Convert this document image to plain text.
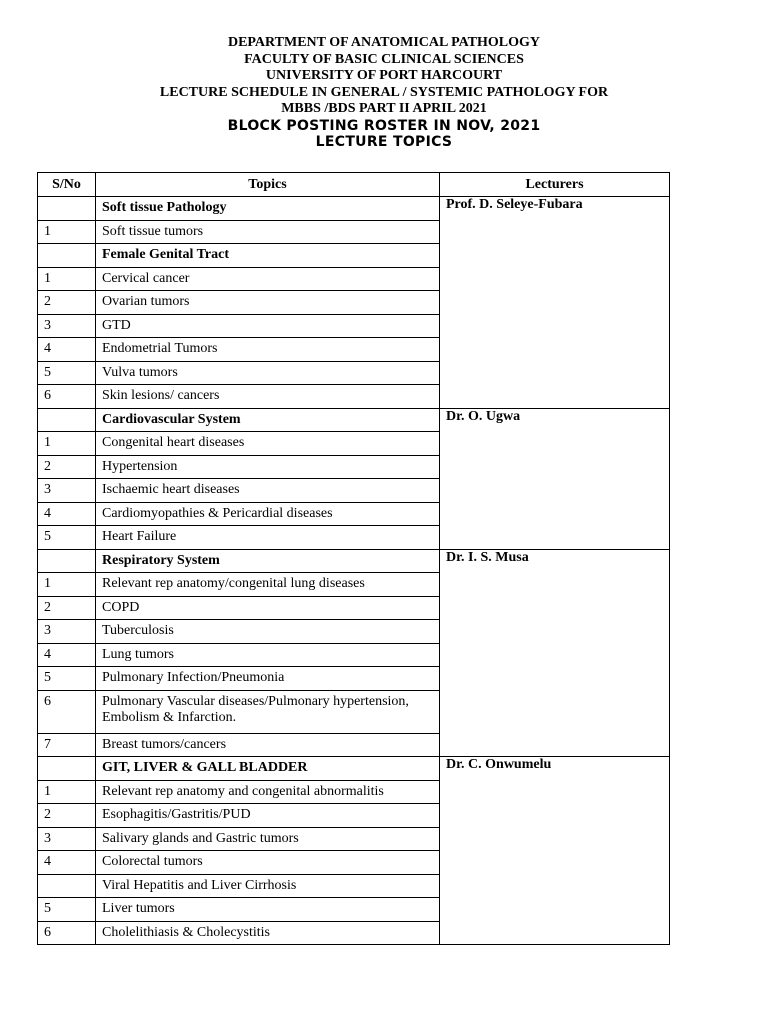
DEPARTMENT OF ANATOMICAL PATHOLOGY
FACULTY OF BASIC CLINICAL SCIENCES
UNIVERSITY OF PORT HARCOURT
LECTURE SCHEDULE IN GENERAL / SYSTEMIC PATHOLOGY FOR
MBBS /BDS PART II APRIL 2021
BLOCK POSTING ROSTER IN NOV, 2021
LECTURE TOPICS
S/No	Topics	Lecturers
	Soft tissue Pathology	Prof. D. Seleye-Fubara
1	Soft tissue tumors	
	Female Genital Tract	
1	Cervical cancer	
2	Ovarian tumors	
3	GTD	
4	Endometrial Tumors	
5	Vulva tumors	
6	Skin lesions/ cancers	
	Cardiovascular System	Dr. O. Ugwa
1	Congenital heart diseases	
2	Hypertension	
3	Ischaemic heart diseases	
4	Cardiomyopathies & Pericardial diseases	
5	Heart Failure	
	Respiratory System	Dr. I. S. Musa
1	Relevant rep anatomy/congenital lung diseases	
2	COPD	
3	Tuberculosis	
4	Lung tumors	
5	Pulmonary Infection/Pneumonia	
6	Pulmonary Vascular diseases/Pulmonary hypertension, Embolism & Infarction.	
7	Breast tumors/cancers	
	GIT, LIVER & GALL BLADDER	Dr. C. Onwumelu
1	Relevant rep anatomy and congenital abnormalitis	
2	Esophagitis/Gastritis/PUD	
3	Salivary glands and Gastric tumors	
4	Colorectal tumors	
	Viral Hepatitis and Liver Cirrhosis	
5	Liver tumors	
6	Cholelithiasis & Cholecystitis	
